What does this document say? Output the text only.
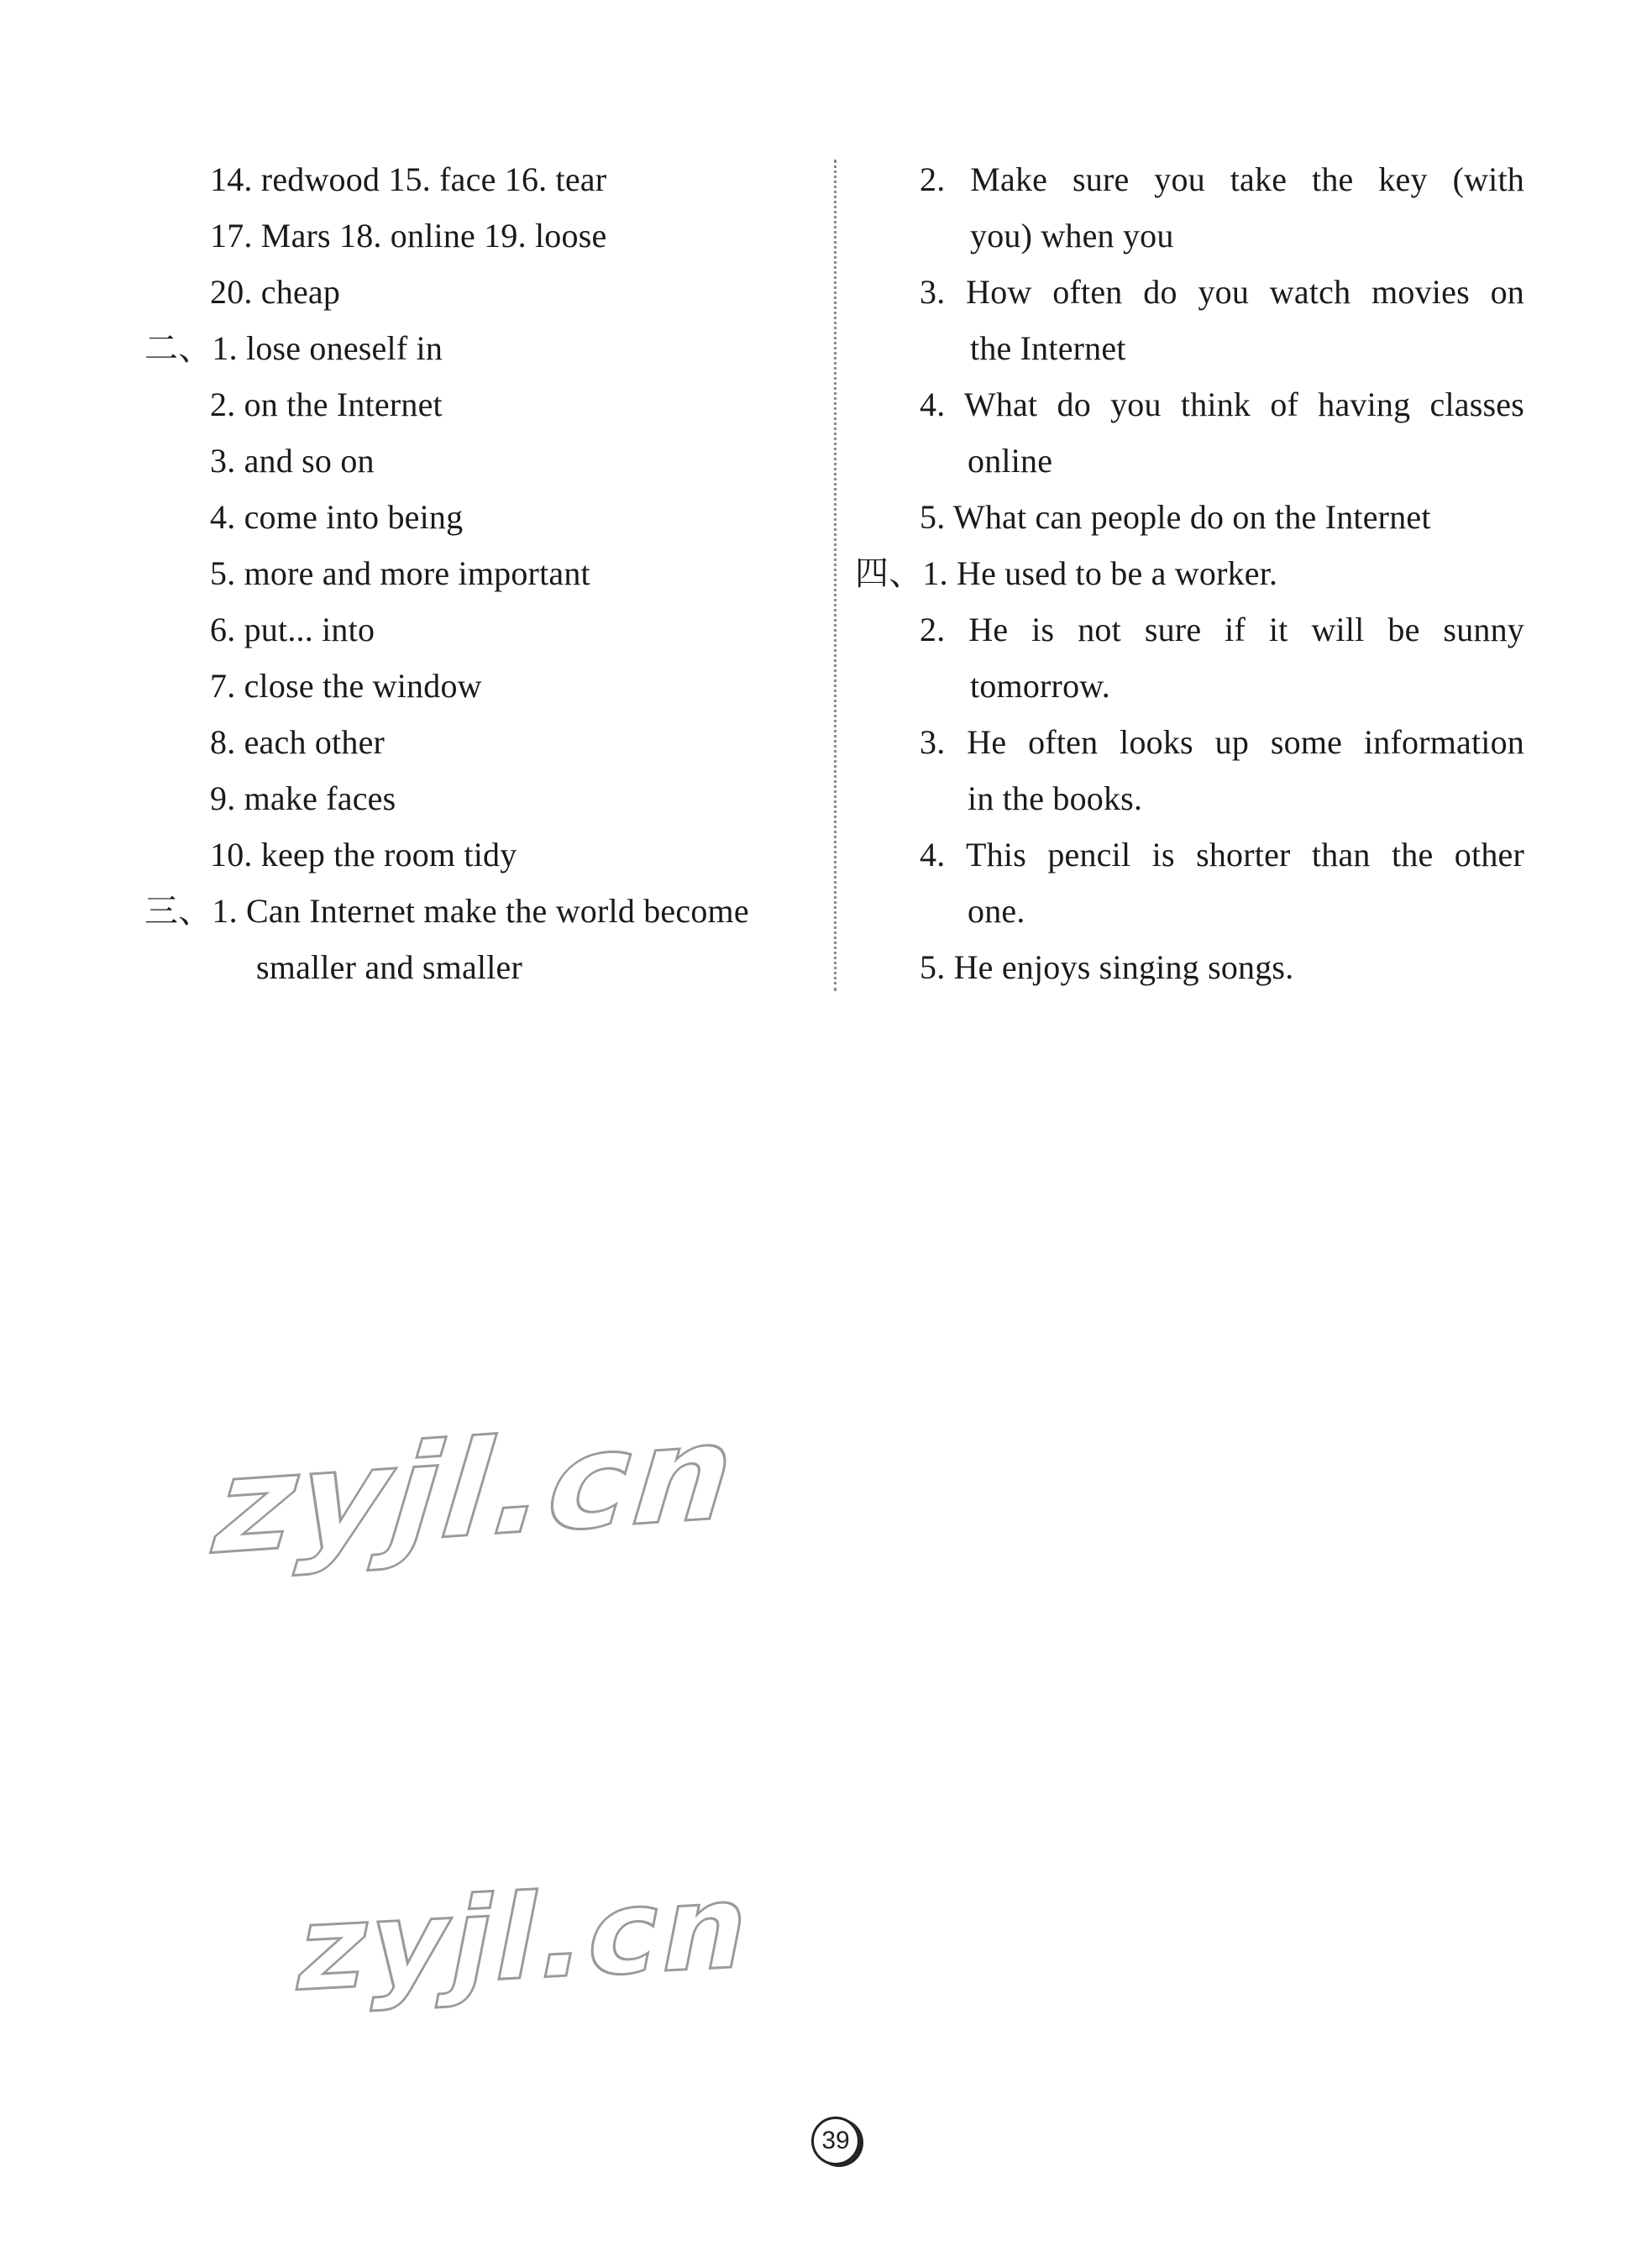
14. redwood 15. face 16. tear
17. Mars 18. online 19. loose
20. cheap
二、1. lose oneself in
2. on the Internet
3. and so on
4. come into being
5. more and more important
6. put... into
7. close the window
8. each other
9. make faces
10. keep the room tidy
三、1. Can Internet make the world become
smaller and smaller
2. Make sure you take the key (with
you) when you
3. How often do you watch movies on
the Internet
4. What do you think of having classes
online
5. What can people do on the Internet
四、1. He used to be a worker.
2. He is not sure if it will be sunny
tomorrow.
3. He often looks up some information
in the books.
4. This pencil is shorter than the other
one.
5. He enjoys singing songs.
zyjl.cn
zyjl.cn
39
